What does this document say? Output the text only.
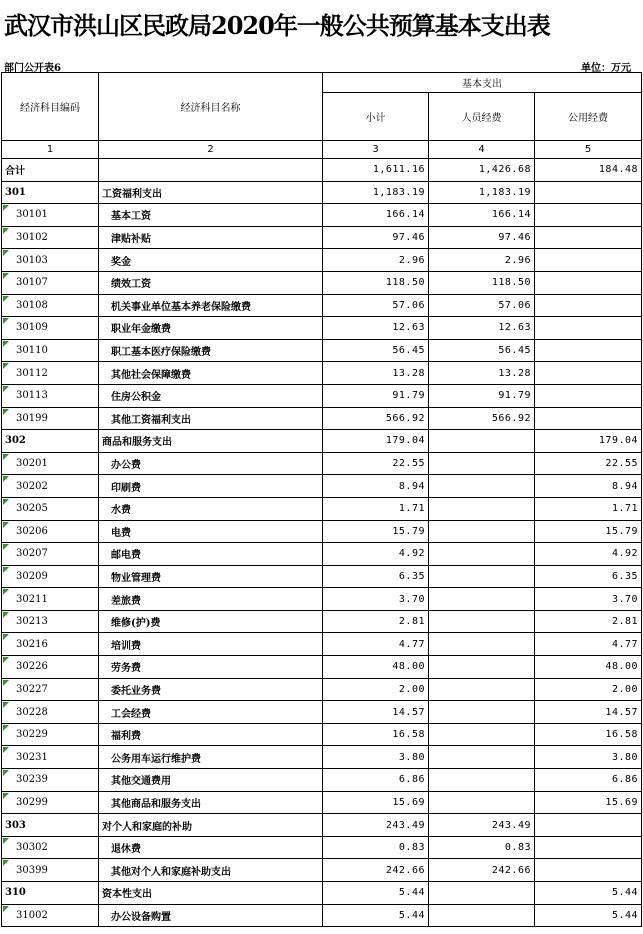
武汉市洪山区民政局2020年一般公共预算基本支出表
部门公开表6	单位：万元
经济科目编码	经济科目名称	基本支出		
		小计	人员经费	公用经费
1	2	3	4	5
合计		1,611.16	1,426.68	184.48
301	工资福利支出	1,183.19	1,183.19	

30101	基本工资	166.14	166.14	

30102	津贴补贴	97.46	97.46	

30103	奖金	2.96	2.96	

30107	绩效工资	118.50	118.50	

30108	机关事业单位基本养老保险缴费	57.06	57.06	

30109	职业年金缴费	12.63	12.63	

30110	职工基本医疗保险缴费	56.45	56.45	

30112	其他社会保障缴费	13.28	13.28	

30113	住房公积金	91.79	91.79	

30199	其他工资福利支出	566.92	566.92	
302	商品和服务支出	179.04		179.04

30201	办公费	22.55		22.55

30202	印刷费	8.94		8.94

30205	水费	1.71		1.71

30206	电费	15.79		15.79

30207	邮电费	4.92		4.92

30209	物业管理费	6.35		6.35

30211	差旅费	3.70		3.70

30213	维修(护)费	2.81		2.81

30216	培训费	4.77		4.77

30226	劳务费	48.00		48.00

30227	委托业务费	2.00		2.00

30228	工会经费	14.57		14.57

30229	福利费	16.58		16.58

30231	公务用车运行维护费	3.80		3.80

30239	其他交通费用	6.86		6.86

30299	其他商品和服务支出	15.69		15.69
303	对个人和家庭的补助	243.49	243.49	

30302	退休费	0.83	0.83	

30399	其他对个人和家庭补助支出	242.66	242.66	
310	资本性支出	5.44		5.44

31002	办公设备购置	5.44		5.44
